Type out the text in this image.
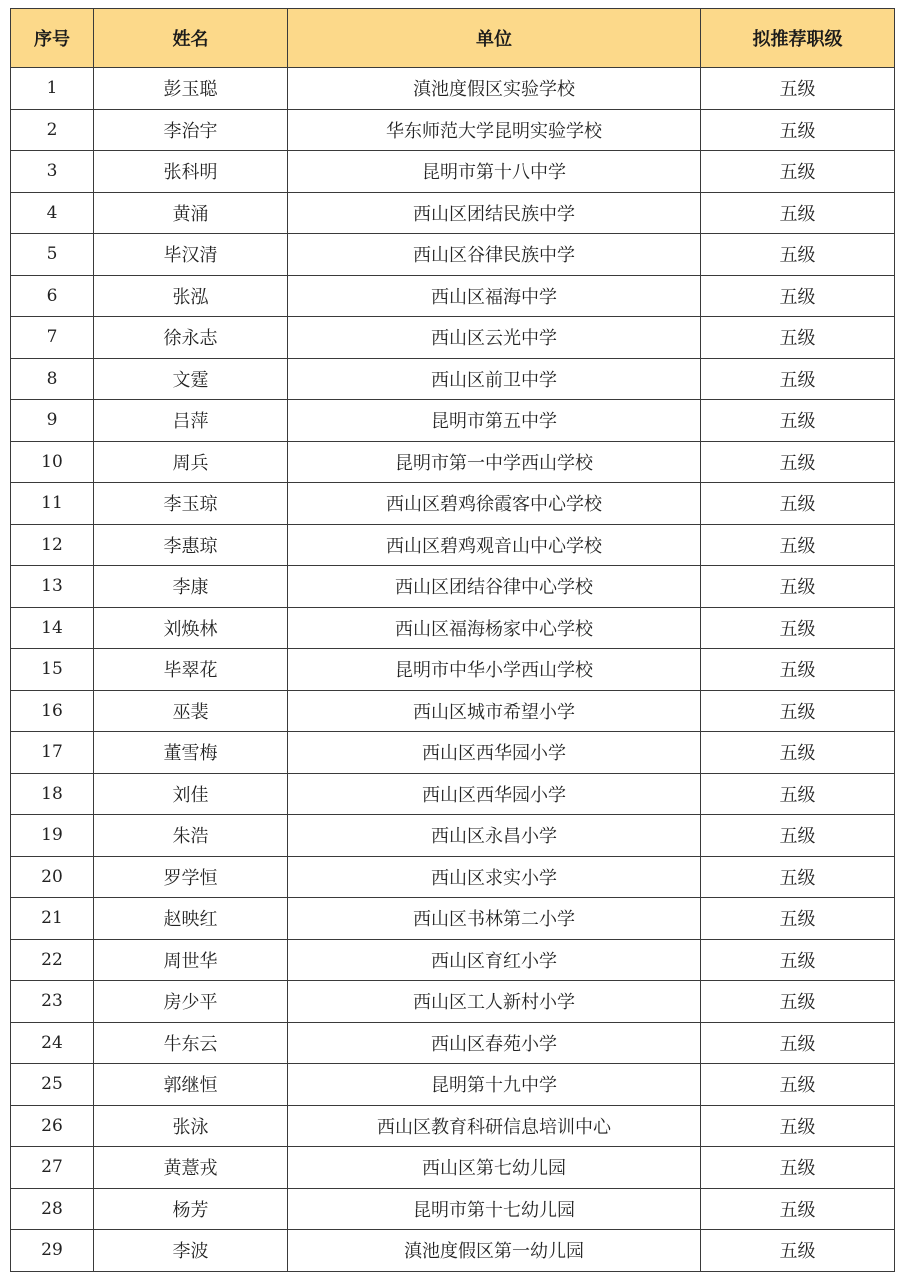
序号	姓名	单位	拟推荐职级
1	彭玉聪	滇池度假区实验学校	五级
2	李治宇	华东师范大学昆明实验学校	五级
3	张科明	昆明市第十八中学	五级
4	黄涌	西山区团结民族中学	五级
5	毕汉清	西山区谷律民族中学	五级
6	张泓	西山区福海中学	五级
7	徐永志	西山区云光中学	五级
8	文霆	西山区前卫中学	五级
9	吕萍	昆明市第五中学	五级
10	周兵	昆明市第一中学西山学校	五级
11	李玉琼	西山区碧鸡徐霞客中心学校	五级
12	李惠琼	西山区碧鸡观音山中心学校	五级
13	李康	西山区团结谷律中心学校	五级
14	刘焕林	西山区福海杨家中心学校	五级
15	毕翠花	昆明市中华小学西山学校	五级
16	巫裴	西山区城市希望小学	五级
17	董雪梅	西山区西华园小学	五级
18	刘佳	西山区西华园小学	五级
19	朱浩	西山区永昌小学	五级
20	罗学恒	西山区求实小学	五级
21	赵映红	西山区书林第二小学	五级
22	周世华	西山区育红小学	五级
23	房少平	西山区工人新村小学	五级
24	牛东云	西山区春苑小学	五级
25	郭继恒	昆明第十九中学	五级
26	张泳	西山区教育科研信息培训中心	五级
27	黄薏戎	西山区第七幼儿园	五级
28	杨芳	昆明市第十七幼儿园	五级
29	李波	滇池度假区第一幼儿园	五级
